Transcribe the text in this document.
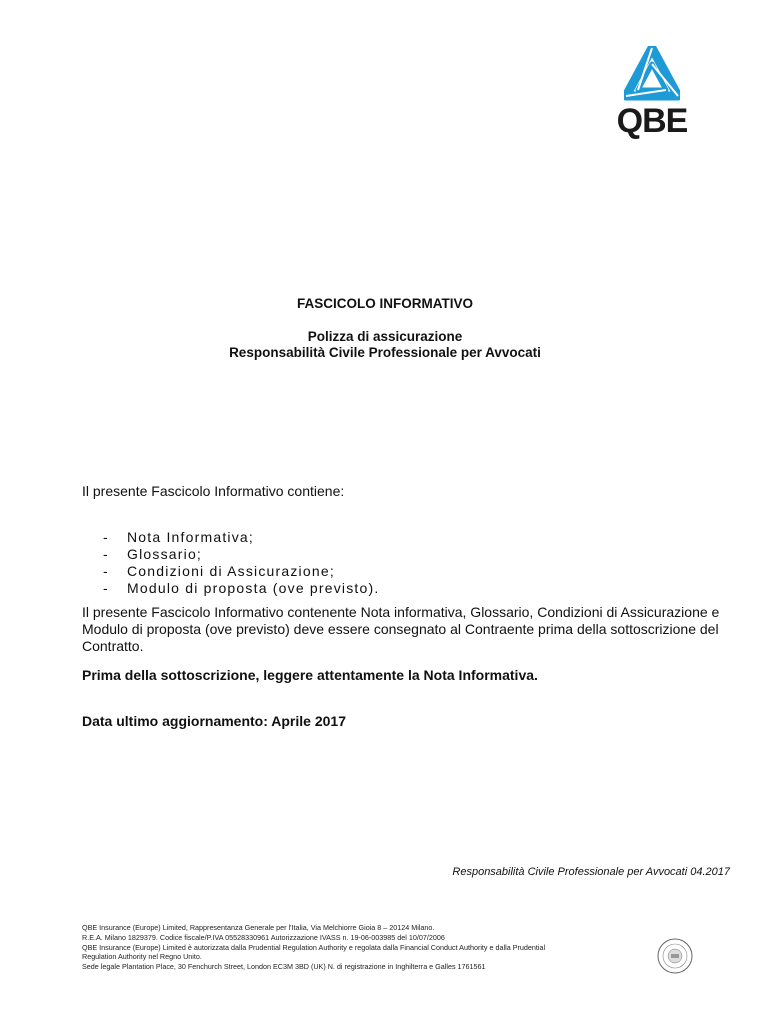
QBE
FASCICOLO INFORMATIVO
Polizza di assicurazione
Responsabilità Civile Professionale per Avvocati
Il presente Fascicolo Informativo contiene:
- Nota Informativa;
- Glossario;
- Condizioni di Assicurazione;
- Modulo di proposta (ove previsto).

Il presente Fascicolo Informativo contenente Nota informativa, Glossario, Condizioni di Assicurazione e Modulo di proposta (ove previsto) deve essere consegnato al Contraente prima della sottoscrizione del Contratto.

Prima della sottoscrizione, leggere attentamente la Nota Informativa.
Data ultimo aggiornamento: Aprile 2017
Responsabilità Civile Professionale per Avvocati 04.2017
QBE Insurance (Europe) Limited, Rappresentanza Generale per l'Italia, Via Melchiorre Gioia 8 – 20124 Milano.
R.E.A. Milano 1829379. Codice fiscale/P.IVA 05528330961 Autorizzazione IVASS n. 19-06-003985 del 10/07/2006
QBE Insurance (Europe) Limited è autorizzata dalla Prudential Regulation Authority e regolata dalla Financial Conduct Authority e dalla Prudential
Regulation Authority nel Regno Unito.
Sede legale Plantation Place, 30 Fenchurch Street, London EC3M 3BD (UK) N. di registrazione in Inghilterra e Galles 1761561
